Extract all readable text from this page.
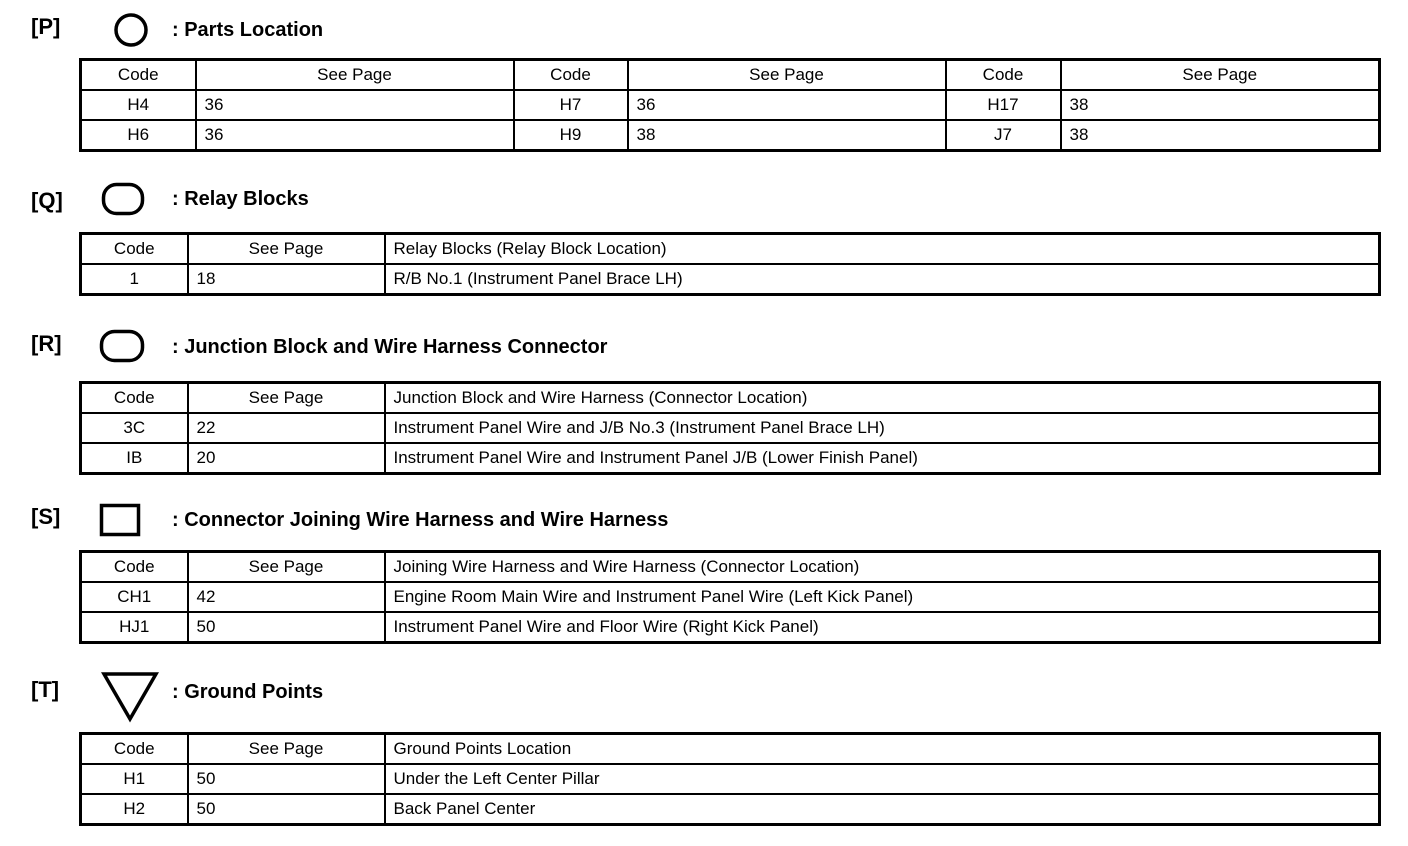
[P]	: Parts Location
Code	See Page	Code	See Page	Code	See Page
H4	36	H7	36	H17	38
H6	36	H9	38	J7	38
[Q]	: Relay Blocks
Code	See Page	Relay Blocks (Relay Block Location)
1	18	R/B No.1 (Instrument Panel Brace LH)
[R]	: Junction Block and Wire Harness Connector
Code	See Page	Junction Block and Wire Harness (Connector Location)
3C	22	Instrument Panel Wire and J/B No.3 (Instrument Panel Brace LH)
IB	20	Instrument Panel Wire and Instrument Panel J/B (Lower Finish Panel)
[S]	: Connector Joining Wire Harness and Wire Harness
Code	See Page	Joining Wire Harness and Wire Harness (Connector Location)
CH1	42	Engine Room Main Wire and Instrument Panel Wire (Left Kick Panel)
HJ1	50	Instrument Panel Wire and Floor Wire (Right Kick Panel)
[T]	: Ground Points
Code	See Page	Ground Points Location
H1	50	Under the Left Center Pillar
H2	50	Back Panel Center
